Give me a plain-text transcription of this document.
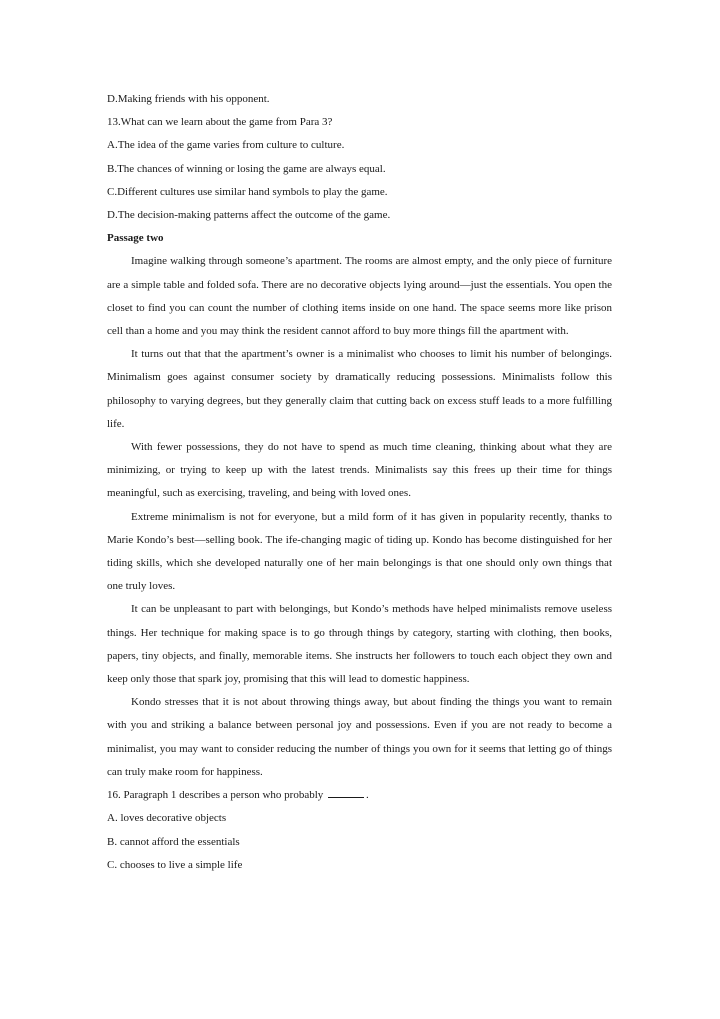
D.Making friends with his opponent.

13.What can we learn about the game from Para 3?

A.The idea of the game varies from culture to culture.

B.The chances of winning or losing the game are always equal.

C.Different cultures use similar hand symbols to play the game.

D.The decision-making patterns affect the outcome of the game.

Passage two

Imagine walking through someone’s apartment. The rooms are almost empty, and the only piece of furniture are a simple table and folded sofa. There are no decorative objects lying around—just the essentials. You open the closet to find you can count the number of clothing items inside on one hand. The space seems more like prison cell than a home and you may think the resident cannot afford to buy more things fill the apartment with.

It turns out that that the apartment’s owner is a minimalist who chooses to limit his number of belongings. Minimalism goes against consumer society by dramatically reducing possessions. Minimalists follow this philosophy to varying degrees, but they generally claim that cutting back on excess stuff leads to a more fulfilling life.

With fewer possessions, they do not have to spend as much time cleaning, thinking about what they are minimizing, or trying to keep up with the latest trends. Minimalists say this frees up their time for things meaningful, such as exercising, traveling, and being with loved ones.

Extreme minimalism is not for everyone, but a mild form of it has given in popularity recently, thanks to Marie Kondo’s best—selling book. The ife-changing magic of tiding up. Kondo has become distinguished for her tiding skills, which she developed naturally one of her main belongings is that one should only own things that one truly loves.

It can be unpleasant to part with belongings, but Kondo’s methods have helped minimalists remove useless things. Her technique for making space is to go through things by category, starting with clothing, then books, papers, tiny objects, and finally, memorable items. She instructs her followers to touch each object they own and keep only those that spark joy, promising that this will lead to domestic happiness.

Kondo stresses that it is not about throwing things away, but about finding the things you want to remain with you and striking a balance between personal joy and possessions. Even if you are not ready to become a minimalist, you may want to consider reducing the number of things you own for it seems that letting go of things can truly make room for happiness.

16. Paragraph 1 describes a person who probably	.

A. loves decorative objects

B. cannot afford the essentials

C. chooses to live a simple life
